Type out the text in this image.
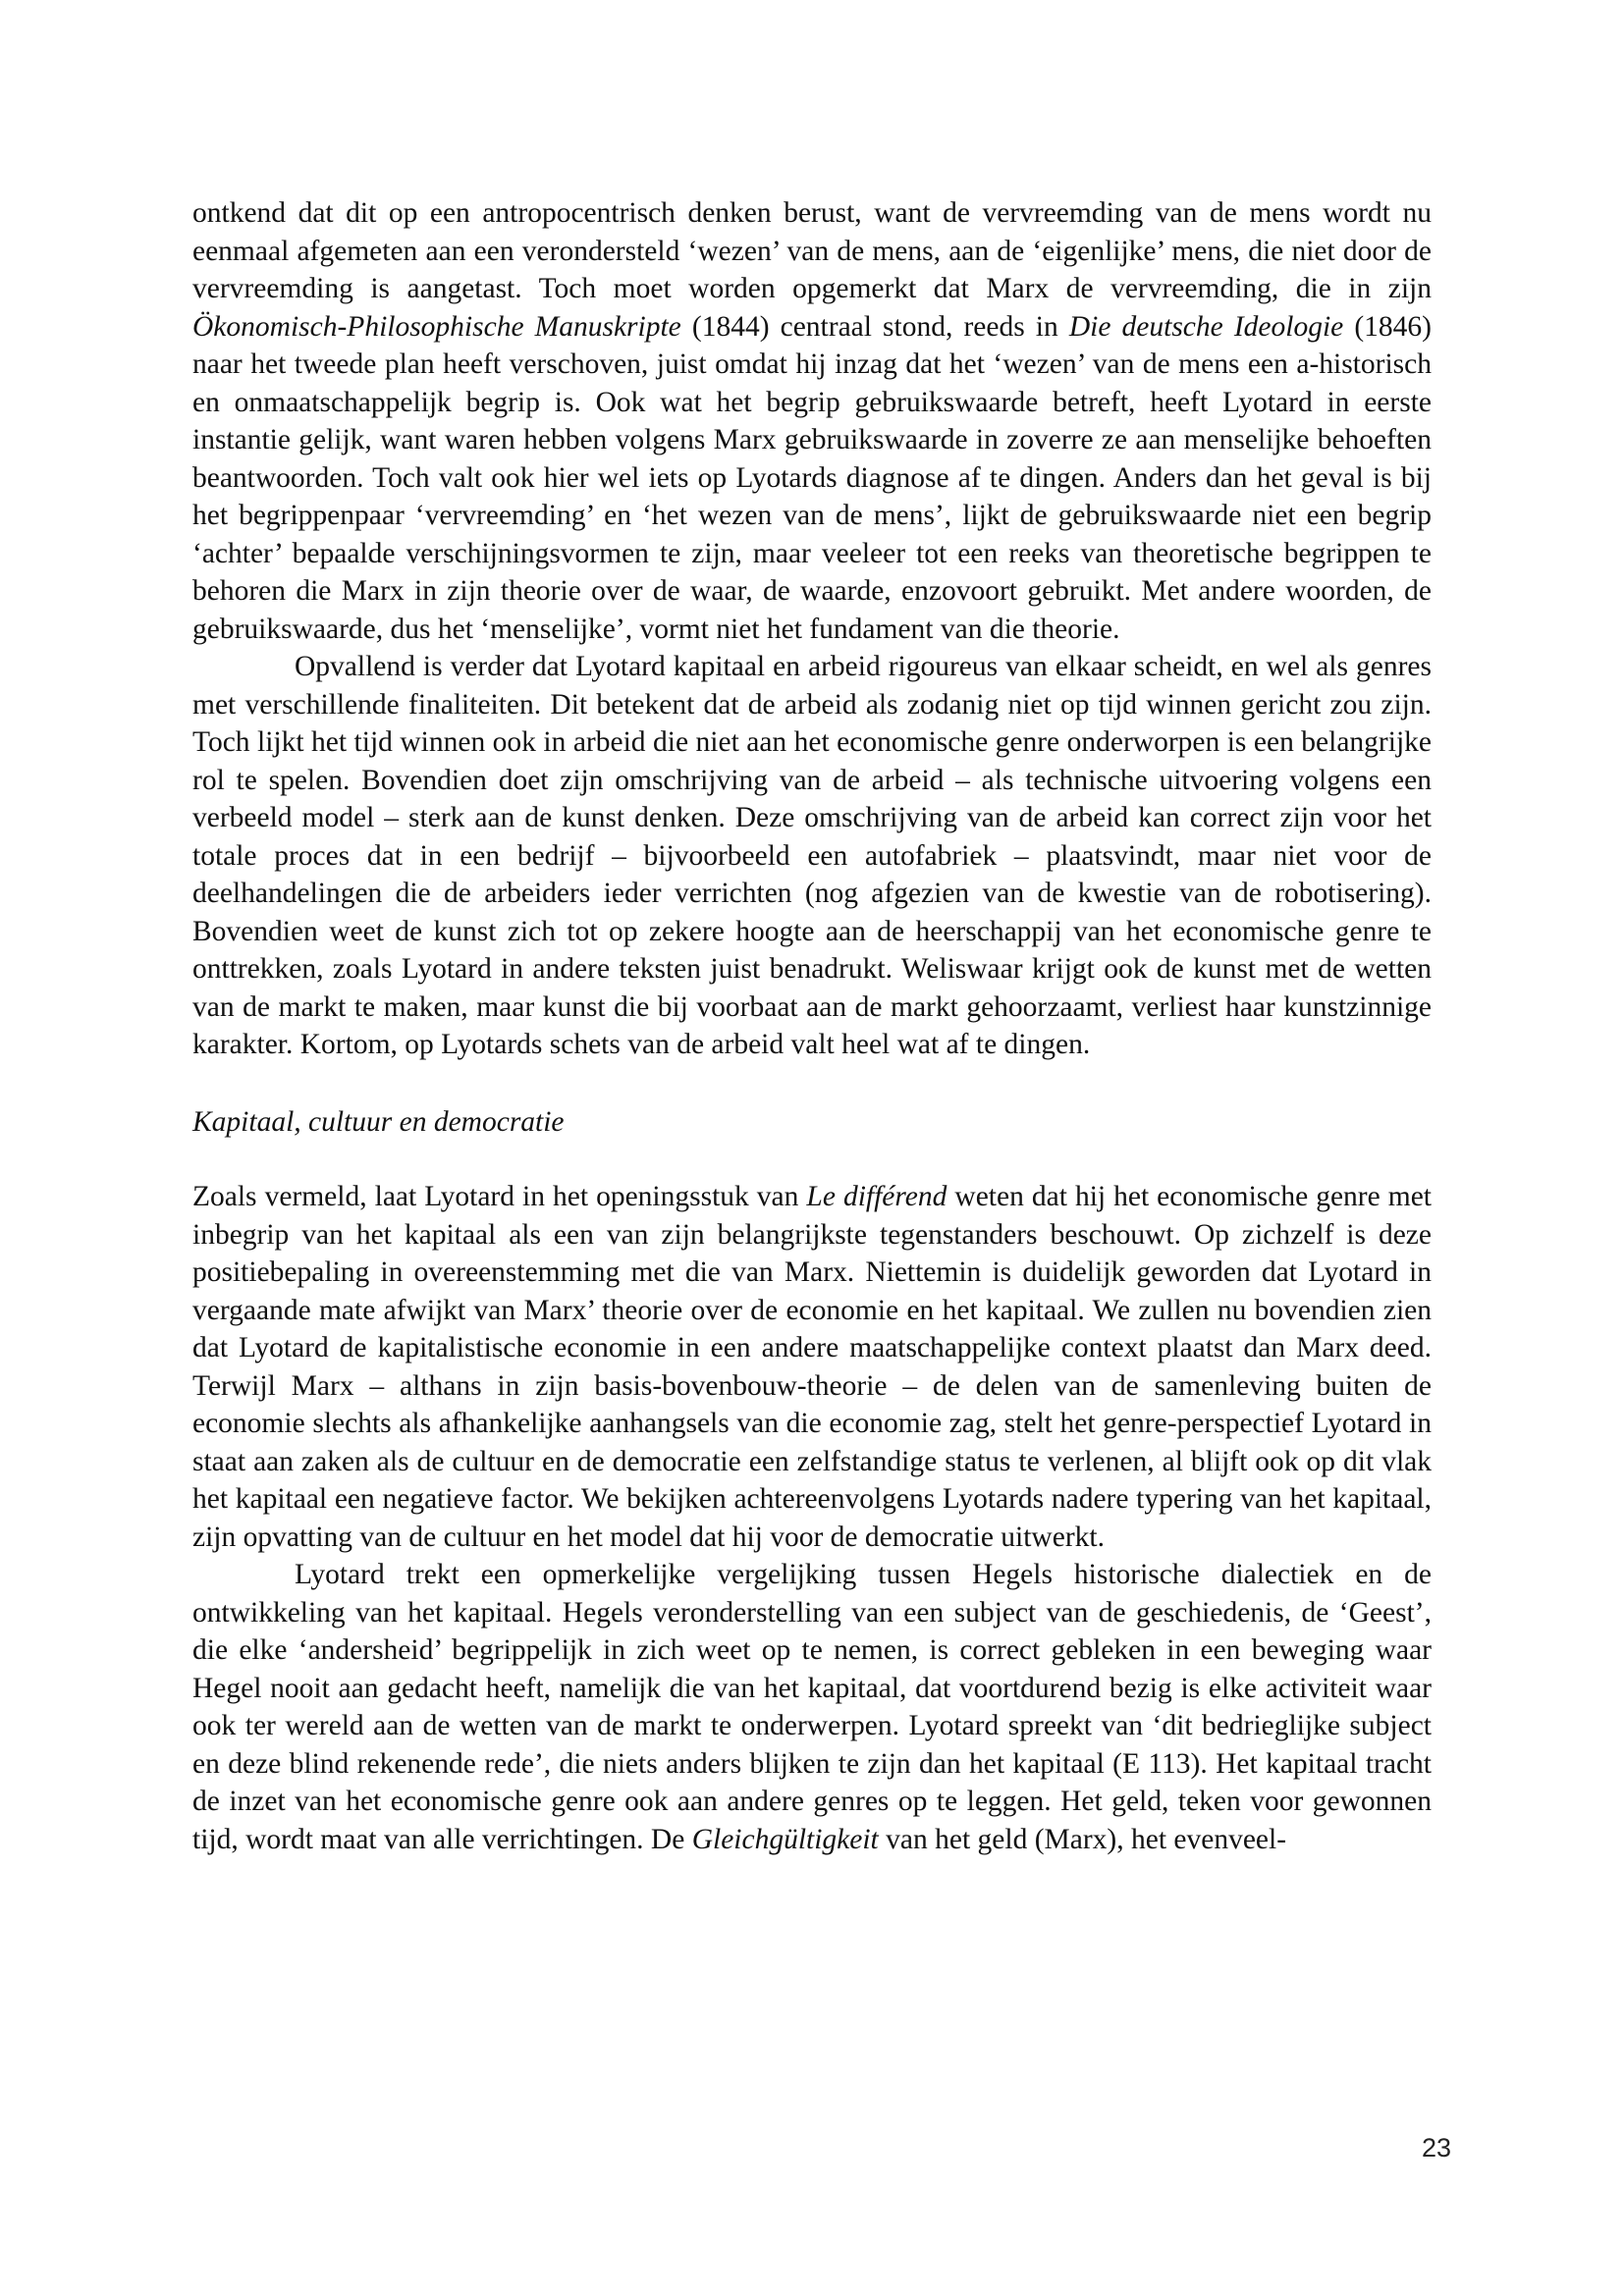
ontkend dat dit op een antropocentrisch denken berust, want de vervreemding van de mens wordt nu eenmaal afgemeten aan een verondersteld ‘wezen’ van de mens, aan de ‘eigenlijke’ mens, die niet door de vervreemding is aangetast. Toch moet worden opgemerkt dat Marx de vervreemding, die in zijn Ökonomisch-Philosophische Manuskripte (1844) centraal stond, reeds in Die deutsche Ideologie (1846) naar het tweede plan heeft verschoven, juist omdat hij inzag dat het ‘wezen’ van de mens een a-historisch en onmaatschappelijk begrip is. Ook wat het begrip gebruikswaarde betreft, heeft Lyotard in eerste instantie gelijk, want waren hebben volgens Marx gebruikswaarde in zoverre ze aan menselijke behoeften beantwoorden. Toch valt ook hier wel iets op Lyotards diagnose af te dingen. Anders dan het geval is bij het begrippenpaar ‘vervreemding’ en ‘het wezen van de mens’, lijkt de gebruikswaarde niet een begrip ‘achter’ bepaalde verschijningsvormen te zijn, maar veeleer tot een reeks van theoretische begrippen te behoren die Marx in zijn theorie over de waar, de waarde, enzovoort gebruikt. Met andere woorden, de gebruikswaarde, dus het ‘menselijke’, vormt niet het fundament van die theorie.

Opvallend is verder dat Lyotard kapitaal en arbeid rigoureus van elkaar scheidt, en wel als genres met verschillende finaliteiten. Dit betekent dat de arbeid als zodanig niet op tijd winnen gericht zou zijn. Toch lijkt het tijd winnen ook in arbeid die niet aan het economische genre onderworpen is een belangrijke rol te spelen. Bovendien doet zijn omschrijving van de arbeid – als technische uitvoering volgens een verbeeld model – sterk aan de kunst denken. Deze omschrijving van de arbeid kan correct zijn voor het totale proces dat in een bedrijf – bijvoorbeeld een autofabriek – plaatsvindt, maar niet voor de deelhandelingen die de arbeiders ieder verrichten (nog afgezien van de kwestie van de robotisering). Bovendien weet de kunst zich tot op zekere hoogte aan de heerschappij van het economische genre te onttrekken, zoals Lyotard in andere teksten juist benadrukt. Weliswaar krijgt ook de kunst met de wetten van de markt te maken, maar kunst die bij voorbaat aan de markt gehoorzaamt, verliest haar kunstzinnige karakter. Kortom, op Lyotards schets van de arbeid valt heel wat af te dingen.

Kapitaal, cultuur en democratie

Zoals vermeld, laat Lyotard in het openingsstuk van Le différend weten dat hij het economische genre met inbegrip van het kapitaal als een van zijn belangrijkste tegenstanders beschouwt. Op zichzelf is deze positiebepaling in overeenstemming met die van Marx. Niettemin is duidelijk geworden dat Lyotard in vergaande mate afwijkt van Marx’ theorie over de economie en het kapitaal. We zullen nu bovendien zien dat Lyotard de kapitalistische economie in een andere maatschappelijke context plaatst dan Marx deed. Terwijl Marx – althans in zijn basis-bovenbouw-theorie – de delen van de samenleving buiten de economie slechts als afhankelijke aanhangsels van die economie zag, stelt het genre-perspectief Lyotard in staat aan zaken als de cultuur en de democratie een zelfstandige status te verlenen, al blijft ook op dit vlak het kapitaal een negatieve factor. We bekijken achtereenvolgens Lyotards nadere typering van het kapitaal, zijn opvatting van de cultuur en het model dat hij voor de democratie uitwerkt.

Lyotard trekt een opmerkelijke vergelijking tussen Hegels historische dialectiek en de ontwikkeling van het kapitaal. Hegels veronderstelling van een subject van de geschiedenis, de ‘Geest’, die elke ‘andersheid’ begrippelijk in zich weet op te nemen, is correct gebleken in een beweging waar Hegel nooit aan gedacht heeft, namelijk die van het kapitaal, dat voortdurend bezig is elke activiteit waar ook ter wereld aan de wetten van de markt te onderwerpen. Lyotard spreekt van ‘dit bedrieglijke subject en deze blind rekenende rede’, die niets anders blijken te zijn dan het kapitaal (E 113). Het kapitaal tracht de inzet van het economische genre ook aan andere genres op te leggen. Het geld, teken voor gewonnen tijd, wordt maat van alle verrichtingen. De Gleichgültigkeit van het geld (Marx), het evenveel-

23
